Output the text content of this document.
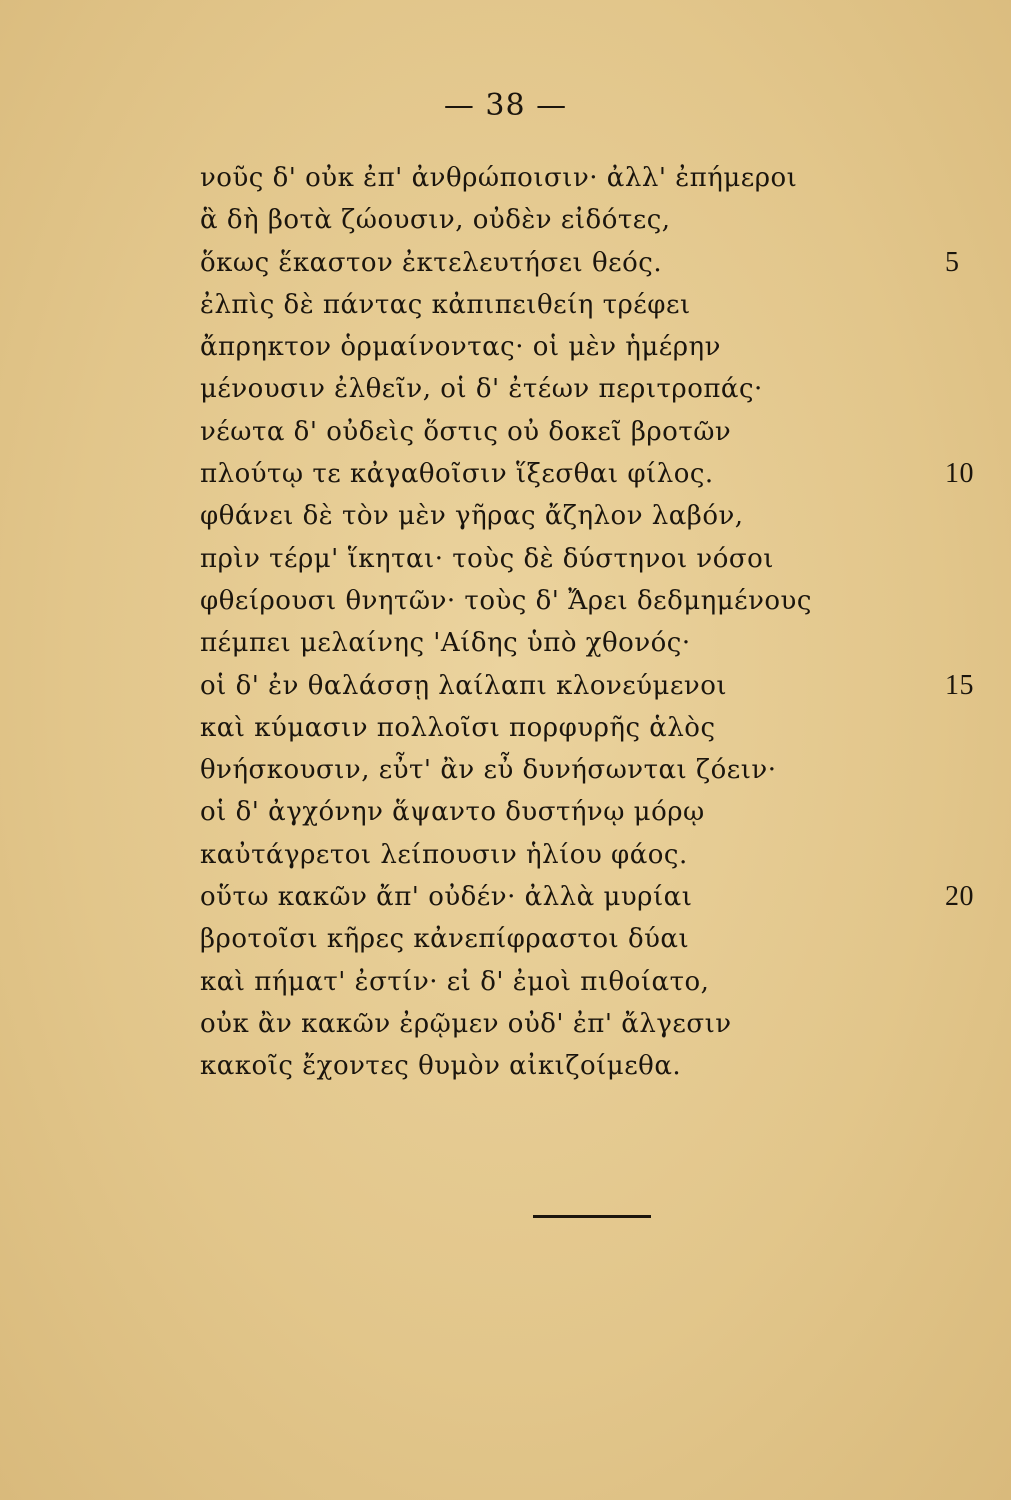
— 38 —
νοῦς δ' οὐκ ἐπ' ἀνθρώποισιν· ἀλλ' ἐπήμεροι
ἃ δὴ βοτὰ ζώουσιν, οὐδὲν εἰδότες,
ὅκως ἕκαστον ἐκτελευτήσει θεός.	5
ἐλπὶς δὲ πάντας κἀπιπειθείη τρέφει
ἄπρηκτον ὁρμαίνοντας· οἱ μὲν ἡμέρην
μένουσιν ἐλθεῖν, οἱ δ' ἐτέων περιτροπάς·
νέωτα δ' οὐδεὶς ὅστις οὐ δοκεῖ βροτῶν
πλούτῳ τε κἀγαθοῖσιν ἵξεσθαι φίλος.	10
φθάνει δὲ τὸν μὲν γῆρας ἄζηλον λαβόν,
πρὶν τέρμ' ἵκηται· τοὺς δὲ δύστηνοι νόσοι
φθείρουσι θνητῶν· τοὺς δ' Ἄρει δεδμημένους
πέμπει μελαίνης 'Αίδης ὑπὸ χθονός·
οἱ δ' ἐν θαλάσσῃ λαίλαπι κλονεύμενοι	15
καὶ κύμασιν πολλοῖσι πορφυρῆς ἁλὸς
θνήσκουσιν, εὖτ' ἂν εὖ δυνήσωνται ζόειν·
οἱ δ' ἀγχόνην ἅψαντο δυστήνῳ μόρῳ
καὐτάγρετοι λείπουσιν ἡλίου φάος.
οὕτω κακῶν ἄπ' οὐδέν· ἀλλὰ μυρίαι	20
βροτοῖσι κῆρες κἀνεπίφραστοι δύαι
καὶ πήματ' ἐστίν· εἰ δ' ἐμοὶ πιθοίατο,
οὐκ ἂν κακῶν ἐρῷμεν οὐδ' ἐπ' ἄλγεσιν
κακοῖς ἔχοντες θυμὸν αἰκιζοίμεθα.
